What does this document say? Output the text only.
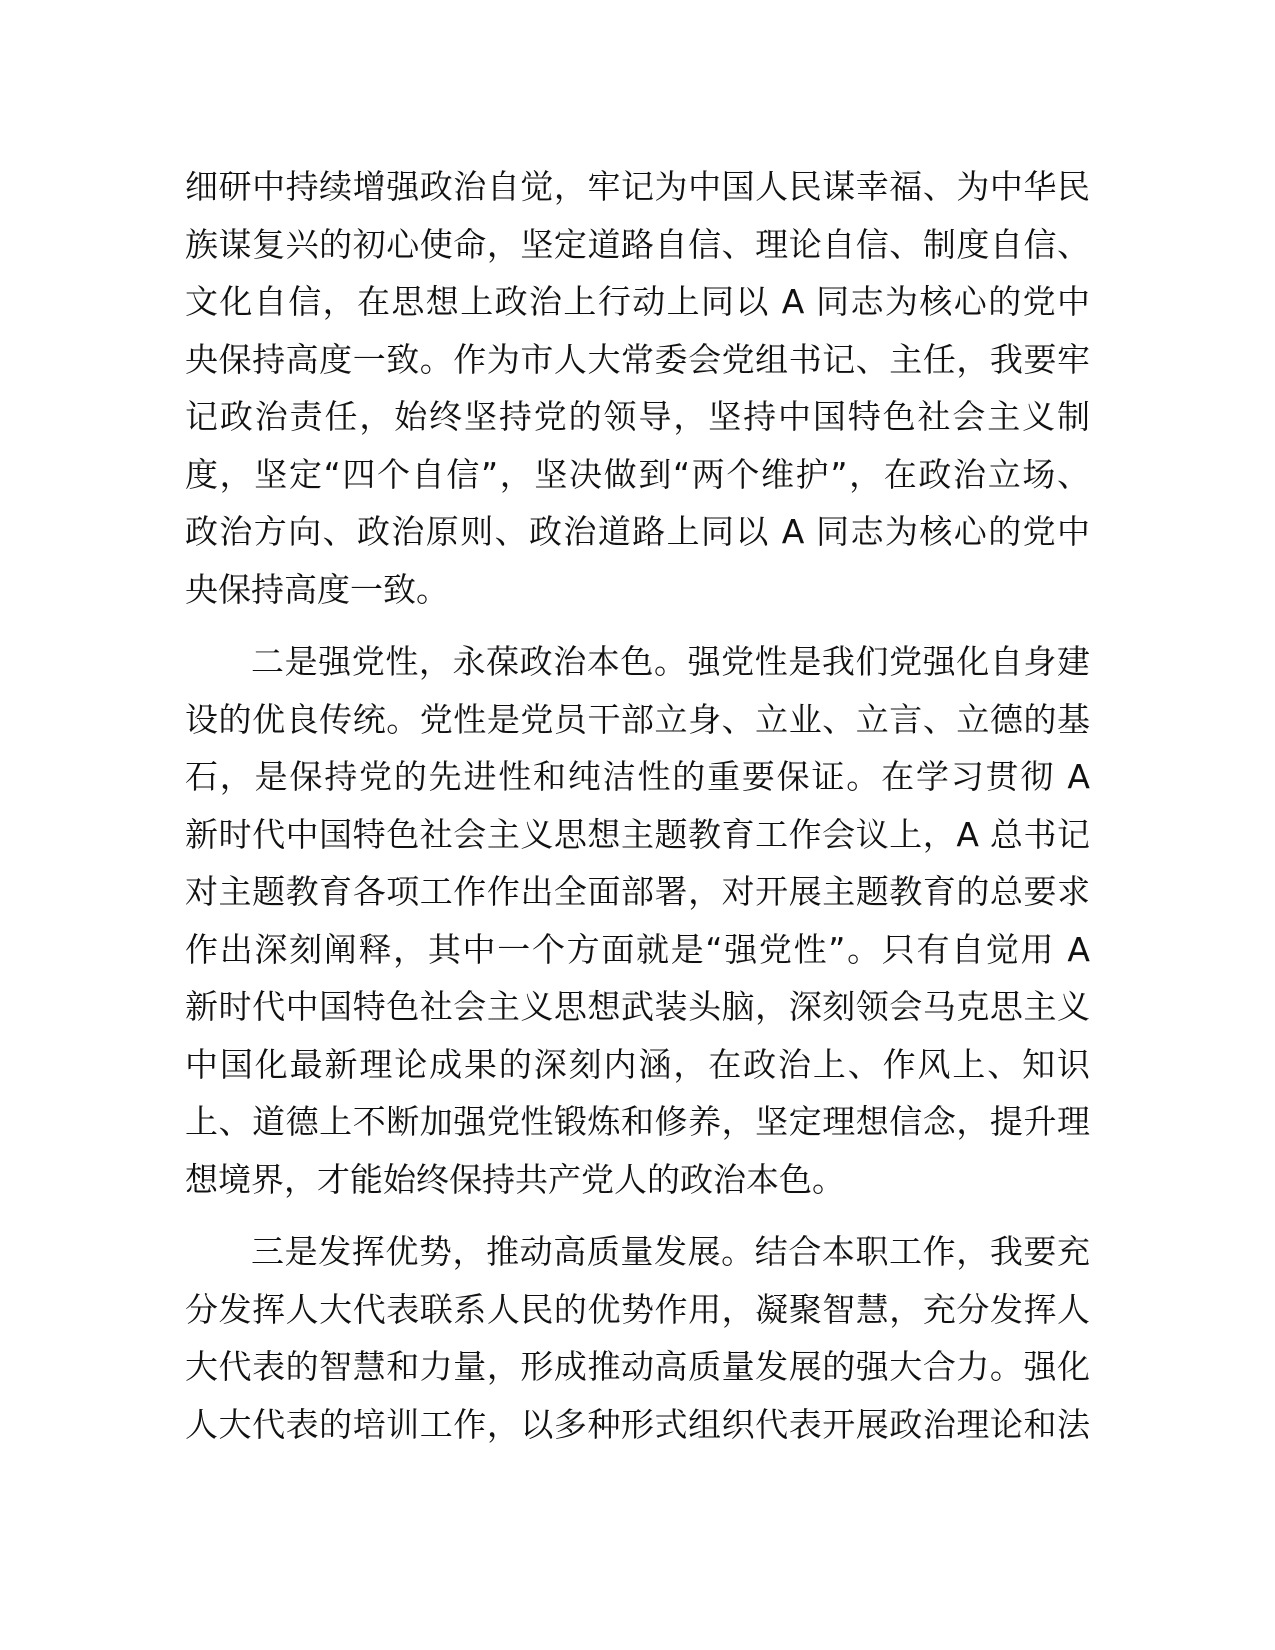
细研中持续增强政治自觉，牢记为中国人民谋幸福、为中华民
族谋复兴的初心使命，坚定道路自信、理论自信、制度自信、
文化自信，在思想上政治上行动上同以 A 同志为核心的党中
央保持高度一致。作为市人大常委会党组书记、主任，我要牢
记政治责任，始终坚持党的领导，坚持中国特色社会主义制
度，坚定“四个自信”，坚决做到“两个维护”，在政治立场、
政治方向、政治原则、政治道路上同以 A 同志为核心的党中
央保持高度一致。
二是强党性，永葆政治本色。强党性是我们党强化自身建
设的优良传统。党性是党员干部立身、立业、立言、立德的基
石，是保持党的先进性和纯洁性的重要保证。在学习贯彻 A
新时代中国特色社会主义思想主题教育工作会议上，A 总书记
对主题教育各项工作作出全面部署，对开展主题教育的总要求
作出深刻阐释，其中一个方面就是“强党性”。只有自觉用 A
新时代中国特色社会主义思想武装头脑，深刻领会马克思主义
中国化最新理论成果的深刻内涵，在政治上、作风上、知识
上、道德上不断加强党性锻炼和修养，坚定理想信念，提升理
想境界，才能始终保持共产党人的政治本色。
三是发挥优势，推动高质量发展。结合本职工作，我要充
分发挥人大代表联系人民的优势作用，凝聚智慧，充分发挥人
大代表的智慧和力量，形成推动高质量发展的强大合力。强化
人大代表的培训工作，以多种形式组织代表开展政治理论和法
